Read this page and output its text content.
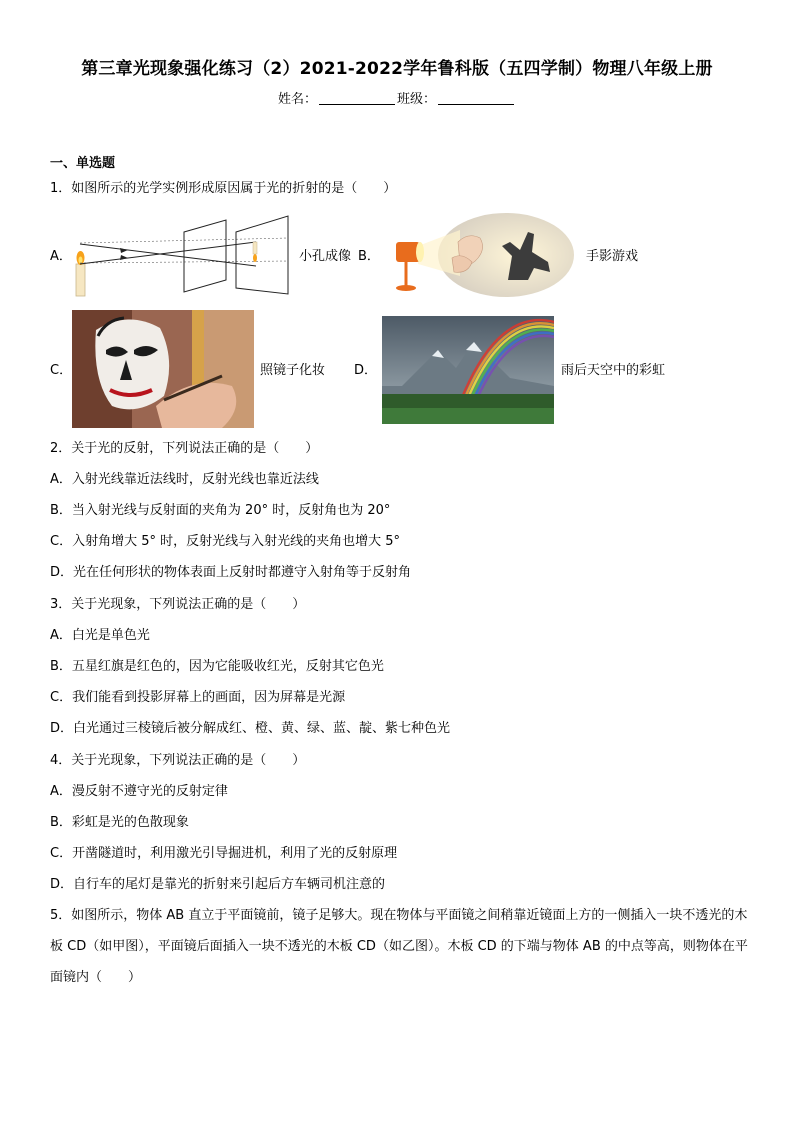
第三章光现象强化练习（2）2021-2022学年鲁科版（五四学制）物理八年级上册
姓名：	班级：
一、单选题
1．如图所示的光学实例形成原因属于光的折射的是（　　）
A．	小孔成像 B．	手影游戏
C．	照镜子化妆 D．	雨后天空中的彩虹
2．关于光的反射，下列说法正确的是（　　）
A．入射光线靠近法线时，反射光线也靠近法线
B．当入射光线与反射面的夹角为 20° 时，反射角也为 20°
C．入射角增大 5° 时，反射光线与入射光线的夹角也增大 5°
D．光在任何形状的物体表面上反射时都遵守入射角等于反射角
3．关于光现象，下列说法正确的是（　　）
A．白光是单色光
B．五星红旗是红色的，因为它能吸收红光，反射其它色光
C．我们能看到投影屏幕上的画面，因为屏幕是光源
D．白光通过三棱镜后被分解成红、橙、黄、绿、蓝、靛、紫七种色光
4．关于光现象，下列说法正确的是（　　）
A．漫反射不遵守光的反射定律
B．彩虹是光的色散现象
C．开凿隧道时，利用激光引导掘进机，利用了光的反射原理
D．自行车的尾灯是靠光的折射来引起后方车辆司机注意的
5．如图所示，物体 AB 直立于平面镜前，镜子足够大。现在物体与平面镜之间稍靠近镜面上方的一侧插入一块不透光的木板 CD（如甲图），平面镜后面插入一块不透光的木板 CD（如乙图）。木板 CD 的下端与物体 AB 的中点等高，则物体在平面镜内（　　）
